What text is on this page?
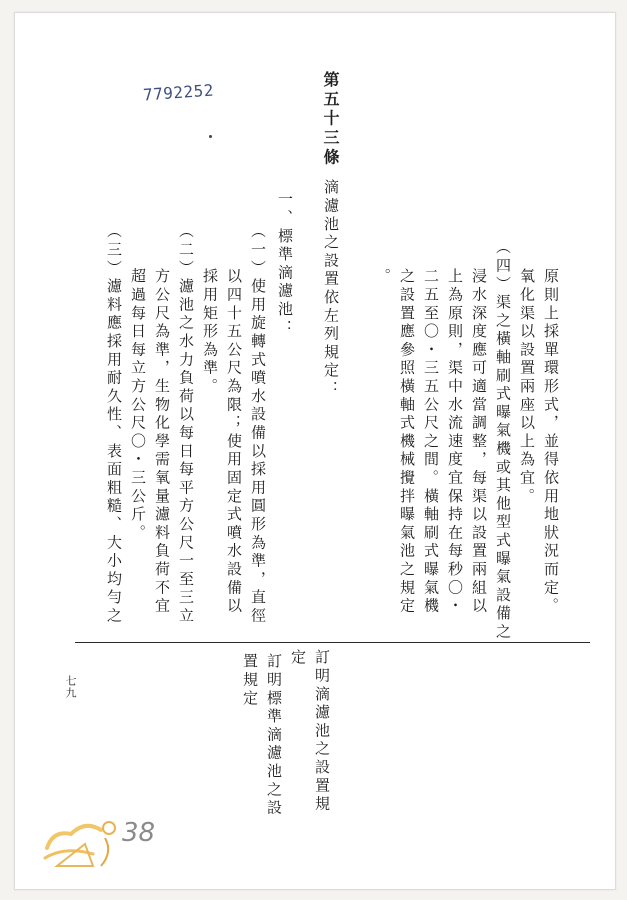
7792252	第五十三條
滴濾池之設置依左列規定：	原則上採單環形式，並得依用地狀況而定。
氧化渠以設置兩座以上為宜。
（四）渠之橫軸刷式曝氣機或其他型式曝氣設備之
浸水深度應可適當調整，每渠以設置兩組以
上為原則，渠中水流速度宜保持在每秒〇・
二五至〇・三五公尺之間。橫軸刷式曝氣機
之設置應參照橫軸式機械攪拌曝氣池之規定
。
一、標準滴濾池：
（一）使用旋轉式噴水設備以採用圓形為準，直徑
以四十五公尺為限；使用固定式噴水設備以
採用矩形為準。
（二）濾池之水力負荷以每日每平方公尺一至三立
方公尺為準，生物化學需氧量濾料負荷不宜
超過每日每立方公尺〇・三公斤。
（三）濾料應採用耐久性、表面粗糙、大小均勻之
訂明滴濾池之設置規
定
訂明標準滴濾池之設
置規定
七九
38
